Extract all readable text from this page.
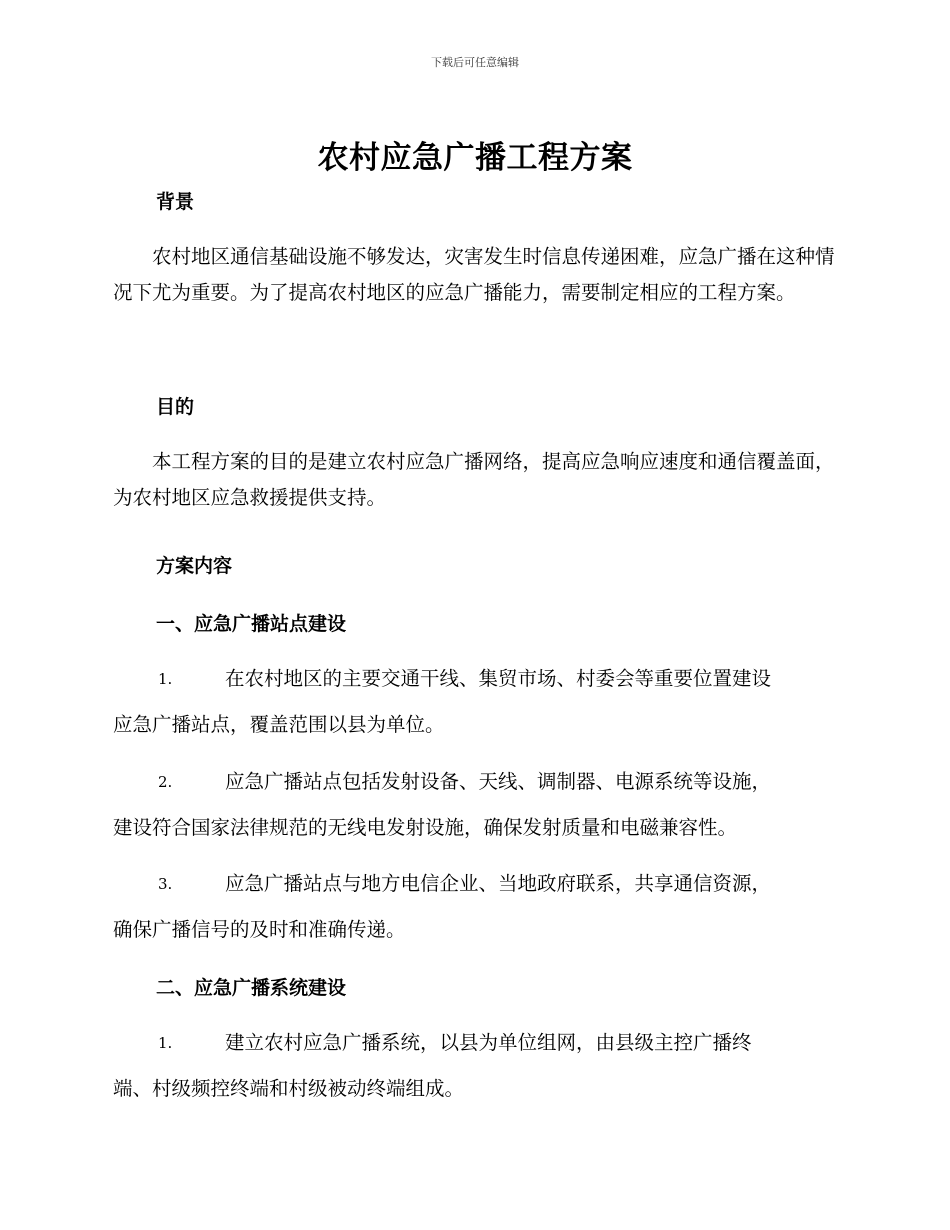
下载后可任意编辑
农村应急广播工程方案
背景

农村地区通信基础设施不够发达，灾害发生时信息传递困难，应急广播在这种情况下尤为重要。为了提高农村地区的应急广播能力，需要制定相应的工程方案。

目的

本工程方案的目的是建立农村应急广播网络，提高应急响应速度和通信覆盖面，为农村地区应急救援提供支持。

方案内容
一、应急广播站点建设
1.	在农村地区的主要交通干线、集贸市场、村委会等重要位置建设
应急广播站点，覆盖范围以县为单位。
2.	应急广播站点包括发射设备、天线、调制器、电源系统等设施，
建设符合国家法律规范的无线电发射设施，确保发射质量和电磁兼容性。
3.	应急广播站点与地方电信企业、当地政府联系，共享通信资源，
确保广播信号的及时和准确传递。
二、应急广播系统建设
1.	建立农村应急广播系统，以县为单位组网，由县级主控广播终
端、村级频控终端和村级被动终端组成。
